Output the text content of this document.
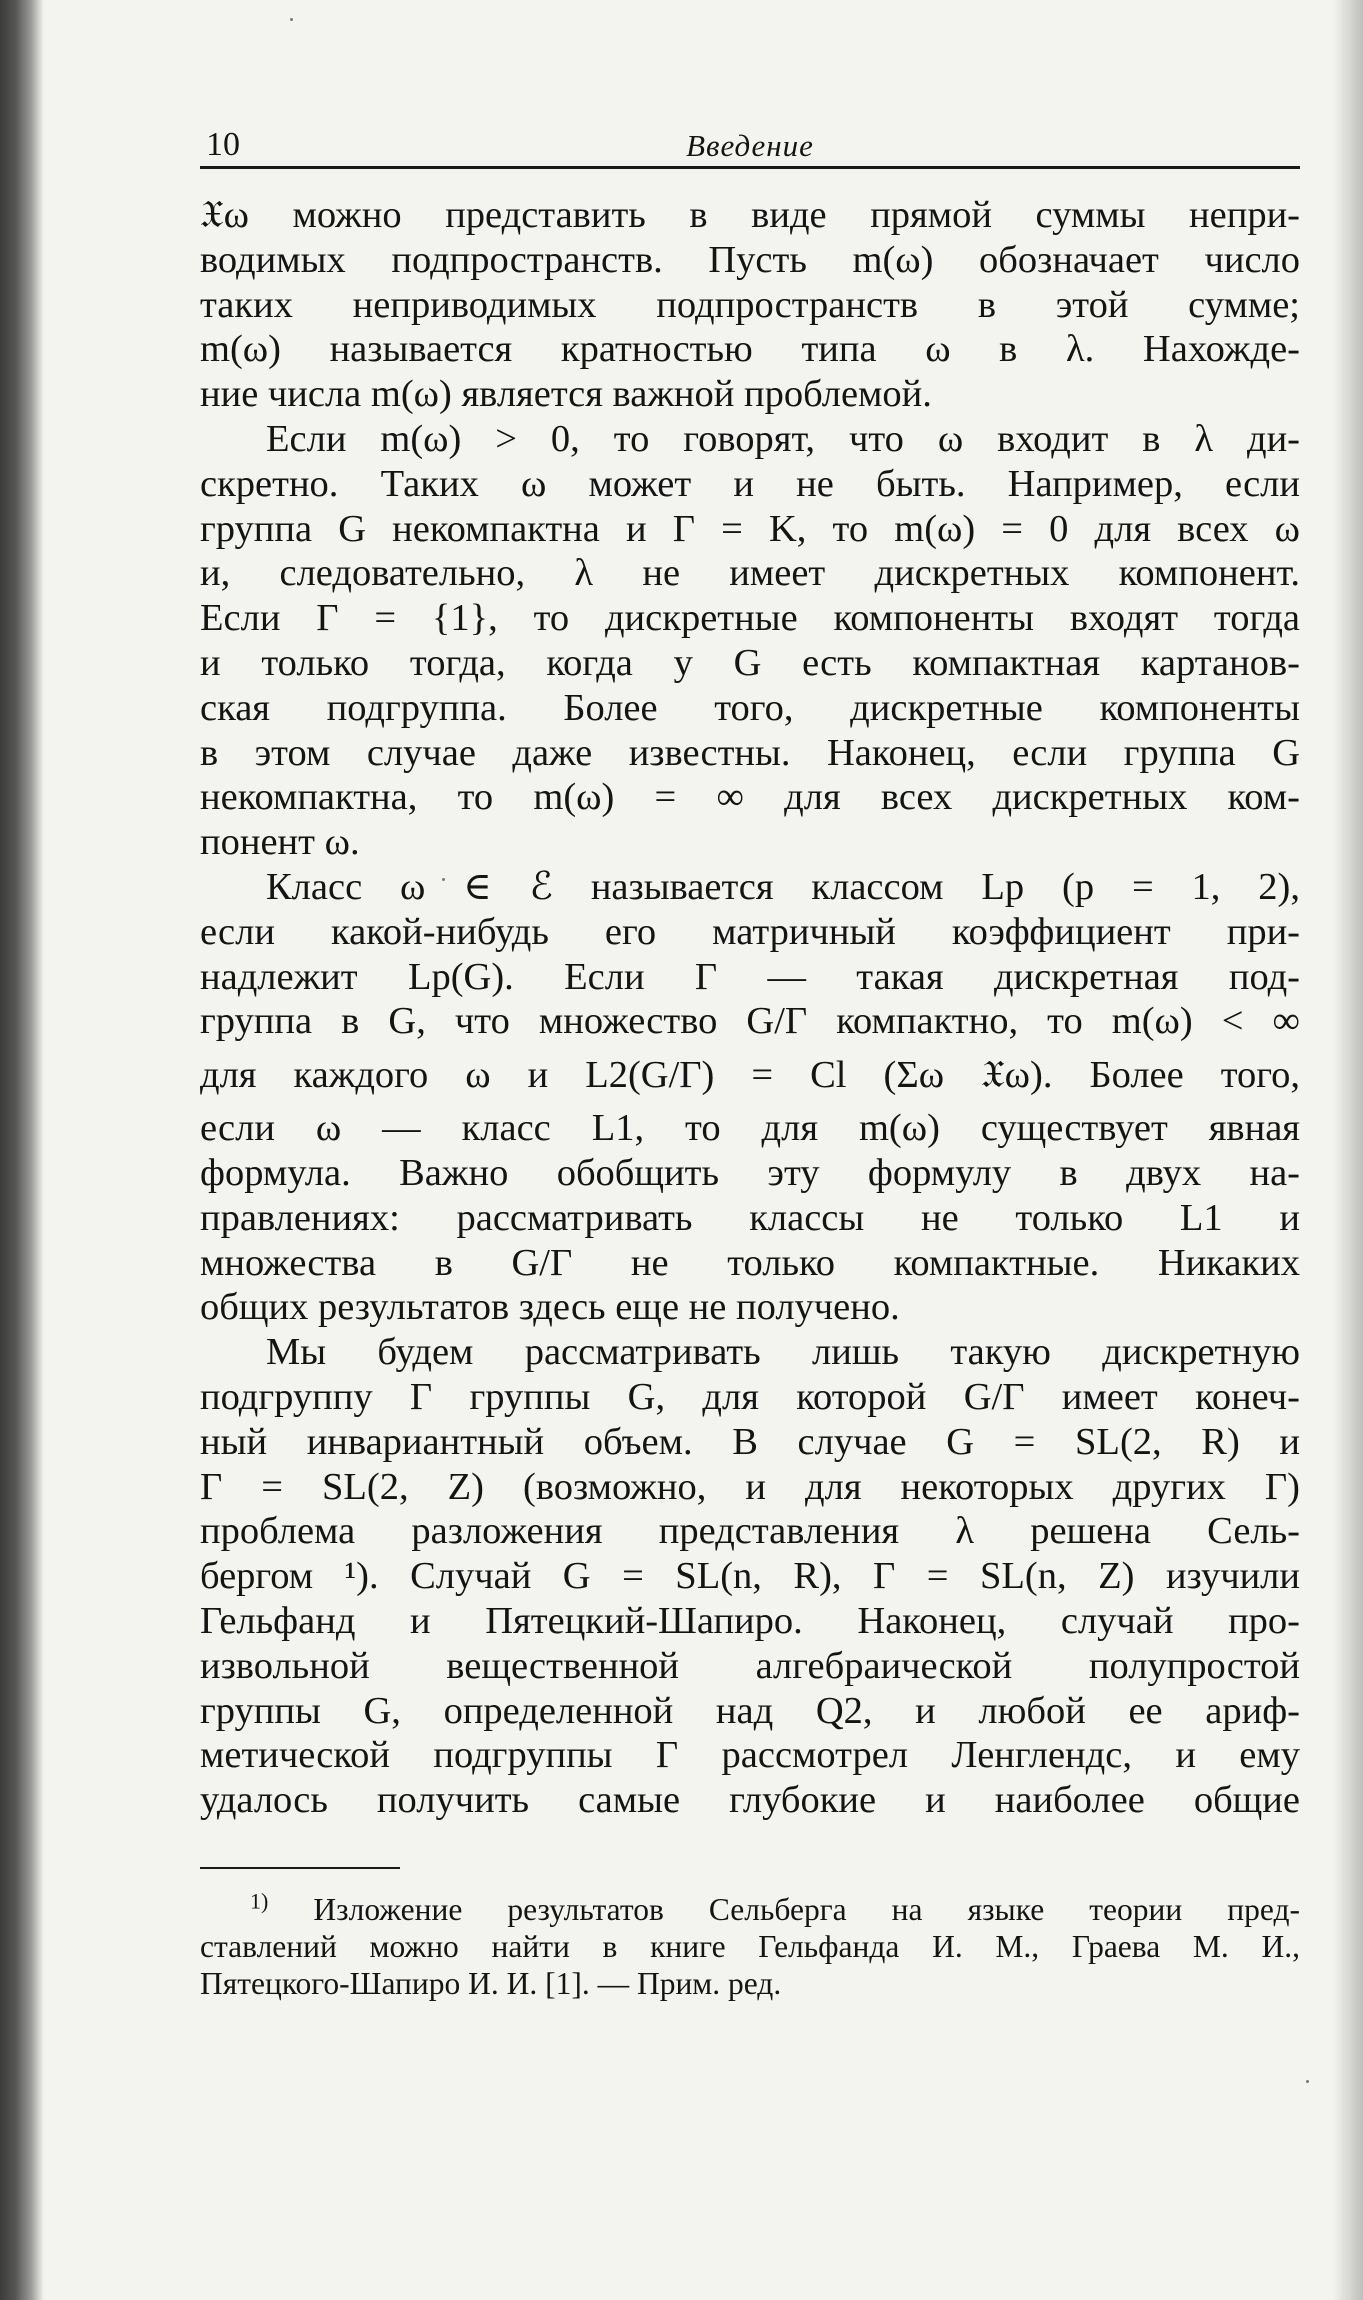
10	Введение

𝔛ω можно представить в виде прямой суммы непри-
водимых подпространств. Пусть m(ω) обозначает число
таких неприводимых подпространств в этой сумме;
m(ω) называется кратностью типа ω в λ. Нахожде-
ние числа m(ω) является важной проблемой.

Если m(ω) > 0, то говорят, что ω входит в λ ди-
скретно. Таких ω может и не быть. Например, если
группа G некомпактна и Γ = K, то m(ω) = 0 для всех ω
и, следовательно, λ не имеет дискретных компонент.
Если Γ = {1}, то дискретные компоненты входят тогда
и только тогда, когда у G есть компактная картанов-
ская подгруппа. Более того, дискретные компоненты
в этом случае даже известны. Наконец, если группа G
некомпактна, то m(ω) = ∞ для всех дискретных ком-
понент ω.

Класс ω ∈ ℰ называется классом Lp (p = 1, 2),
если какой-нибудь его матричный коэффициент при-
надлежит Lp(G). Если Γ — такая дискретная под-
группа в G, что множество G/Γ компактно, то m(ω) < ∞
для каждого ω и L2(G/Γ) = Cl (Σω 𝔛ω). Более того,
если ω — класс L1, то для m(ω) существует явная
формула. Важно обобщить эту формулу в двух на-
правлениях: рассматривать классы не только L1 и
множества в G/Γ не только компактные. Никаких
общих результатов здесь еще не получено.

Мы будем рассматривать лишь такую дискретную
подгруппу Γ группы G, для которой G/Γ имеет конеч-
ный инвариантный объем. В случае G = SL(2, R) и
Γ = SL(2, Z) (возможно, и для некоторых других Γ)
проблема разложения представления λ решена Сель-
бергом ¹). Случай G = SL(n, R), Γ = SL(n, Z) изучили
Гельфанд и Пятецкий-Шапиро. Наконец, случай про-
извольной вещественной алгебраической полупростой
группы G, определенной над Q2, и любой ее ариф-
метической подгруппы Γ рассмотрел Ленглендс, и ему
удалось получить самые глубокие и наиболее общие

$^{1)}$ Изложение результатов Сельберга на языке теории пред-
ставлений можно найти в книге Гельфанда И. М., Граева М. И.,
Пятецкого-Шапиро И. И. [1]. — Прим. ред.
